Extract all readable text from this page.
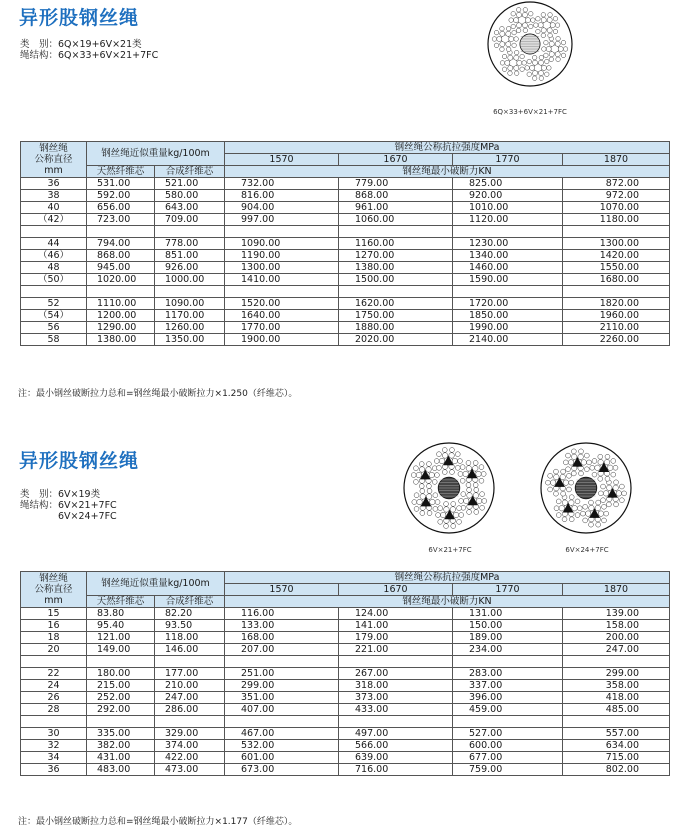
异形股钢丝绳
类　别：6Q×19+6V×21类
绳结构：6Q×33+6V×21+7FC
6Q×33+6V×21+7FC
钢丝绳
公称直径
mm	钢丝绳近似重量kg/100m		钢丝绳公称抗拉强度MPa			
			1570	1670	1770	1870
	天然纤维芯	合成纤维芯	钢丝绳最小破断力KN			
36	531.00	521.00	732.00	779.00	825.00	872.00
38	592.00	580.00	816.00	868.00	920.00	972.00
40	656.00	643.00	904.00	961.00	1010.00	1070.00
（42）	723.00	709.00	997.00	1060.00	1120.00	1180.00

44	794.00	778.00	1090.00	1160.00	1230.00	1300.00
（46）	868.00	851.00	1190.00	1270.00	1340.00	1420.00
48	945.00	926.00	1300.00	1380.00	1460.00	1550.00
（50）	1020.00	1000.00	1410.00	1500.00	1590.00	1680.00

52	1110.00	1090.00	1520.00	1620.00	1720.00	1820.00
（54）	1200.00	1170.00	1640.00	1750.00	1850.00	1960.00
56	1290.00	1260.00	1770.00	1880.00	1990.00	2110.00
58	1380.00	1350.00	1900.00	2020.00	2140.00	2260.00
注：最小钢丝破断拉力总和=钢丝绳最小破断拉力×1.250（纤维芯）。
异形股钢丝绳
类　别：6V×19类
绳结构：6V×21+7FC
　　　　6V×24+7FC
6V×21+7FC	6V×24+7FC
钢丝绳
公称直径
mm	钢丝绳近似重量kg/100m		钢丝绳公称抗拉强度MPa			
			1570	1670	1770	1870
	天然纤维芯	合成纤维芯	钢丝绳最小破断力KN			
15	83.80	82.20	116.00	124.00	131.00	139.00
16	95.40	93.50	133.00	141.00	150.00	158.00
18	121.00	118.00	168.00	179.00	189.00	200.00
20	149.00	146.00	207.00	221.00	234.00	247.00

22	180.00	177.00	251.00	267.00	283.00	299.00
24	215.00	210.00	299.00	318.00	337.00	358.00
26	252.00	247.00	351.00	373.00	396.00	418.00
28	292.00	286.00	407.00	433.00	459.00	485.00

30	335.00	329.00	467.00	497.00	527.00	557.00
32	382.00	374.00	532.00	566.00	600.00	634.00
34	431.00	422.00	601.00	639.00	677.00	715.00
36	483.00	473.00	673.00	716.00	759.00	802.00
注：最小钢丝破断拉力总和=钢丝绳最小破断拉力×1.177（纤维芯）。
